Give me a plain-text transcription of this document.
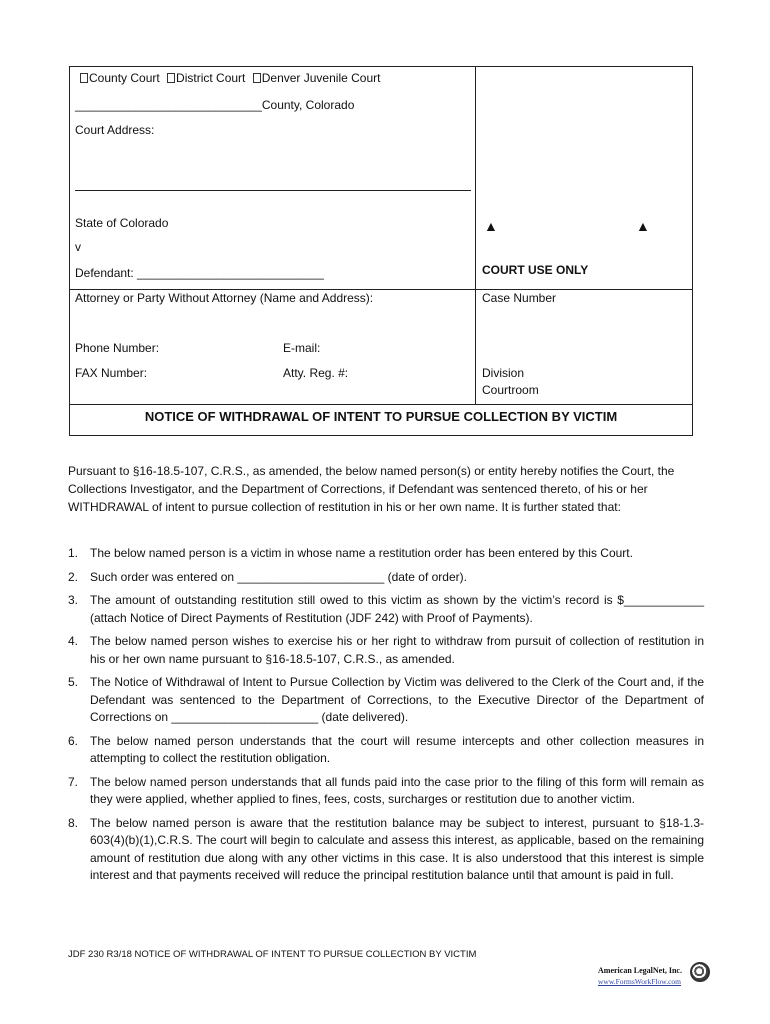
County Court District Court Denver Juvenile Court
____________________________County, Colorado
Court Address:
State of Colorado
v
Defendant: ____________________________
▲	▲
COURT USE ONLY
Attorney or Party Without Attorney (Name and Address):	Case Number
Phone Number:	E-mail:
FAX Number:	Atty. Reg. #:	Division
Courtroom
NOTICE OF WITHDRAWAL OF INTENT TO PURSUE COLLECTION BY VICTIM
Pursuant to §16-18.5-107, C.R.S., as amended, the below named person(s) or entity hereby notifies the Court, the Collections Investigator, and the Department of Corrections, if Defendant was sentenced thereto, of his or her WITHDRAWAL of intent to pursue collection of restitution in his or her own name. It is further stated that:
1. The below named person is a victim in whose name a restitution order has been entered by this Court.
2. Such order was entered on ______________________ (date of order).
3. The amount of outstanding restitution still owed to this victim as shown by the victim’s record is $____________ (attach Notice of Direct Payments of Restitution (JDF 242) with Proof of Payments).
4. The below named person wishes to exercise his or her right to withdraw from pursuit of collection of restitution in his or her own name pursuant to §16-18.5-107, C.R.S., as amended.
5. The Notice of Withdrawal of Intent to Pursue Collection by Victim was delivered to the Clerk of the Court and, if the Defendant was sentenced to the Department of Corrections, to the Executive Director of the Department of Corrections on ______________________ (date delivered).
6. The below named person understands that the court will resume intercepts and other collection measures in attempting to collect the restitution obligation.
7. The below named person understands that all funds paid into the case prior to the filing of this form will remain as they were applied, whether applied to fines, fees, costs, surcharges or restitution due to another victim.
8. The below named person is aware that the restitution balance may be subject to interest, pursuant to §18-1.3-603(4)(b)(1),C.R.S. The court will begin to calculate and assess this interest, as applicable, based on the remaining amount of restitution due along with any other victims in this case. It is also understood that this interest is simple interest and that payments received will reduce the principal restitution balance until that amount is paid in full.
JDF 230 R3/18 NOTICE OF WITHDRAWAL OF INTENT TO PURSUE COLLECTION BY VICTIM
American LegalNet, Inc.
www.FormsWorkFlow.com
